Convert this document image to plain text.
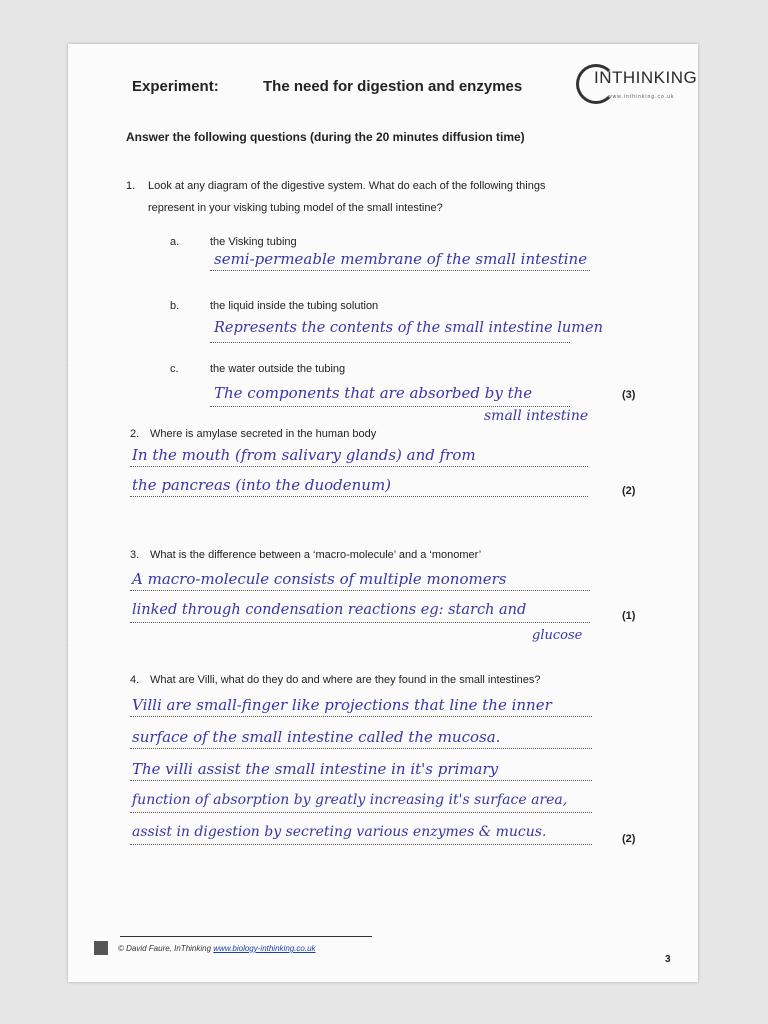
Experiment:	The need for digestion and enzymes	INTHINKING
www.inthinking.co.uk
Answer the following questions (during the 20 minutes diffusion time)
1. Look at any diagram of the digestive system. What do each of the following things
represent in your visking tubing model of the small intestine?
a.	the Visking tubing
semi-permeable membrane of the small intestine
b.	the liquid inside the tubing solution
Represents the contents of the small intestine lumen
c.	the water outside the tubing
The components that are absorbed by the
small intestine
(3)
2. Where is amylase secreted in the human body
In the mouth (from salivary glands) and from
the pancreas (into the duodenum)	(2)
3. What is the difference between a ‘macro-molecule’ and a ‘monomer’
A macro-molecule consists of multiple monomers
linked through condensation reactions eg: starch and
glucose
(1)
4. What are Villi, what do they do and where are they found in the small intestines?
Villi are small-finger like projections that line the inner
surface of the small intestine called the mucosa.
The villi assist the small intestine in it's primary
function of absorption by greatly increasing it's surface area,
assist in digestion by secreting various enzymes & mucus.	(2)
© David Faure, InThinking www.biology-inthinking.co.uk
3
